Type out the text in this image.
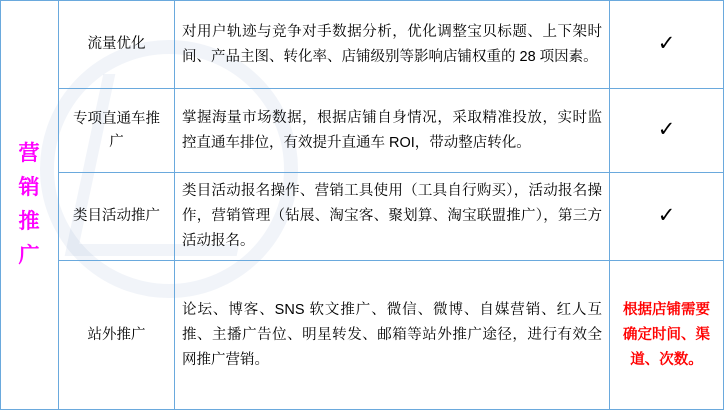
营销推广	流量优化	对用户轨迹与竞争对手数据分析，优化调整宝贝标题、上下架时间、产品主图、转化率、店铺级别等影响店铺权重的 28 项因素。	✓

	专项直通车推广	掌握海量市场数据，根据店铺自身情况，采取精准投放，实时监控直通车排位，有效提升直通车 ROI，带动整店转化。	✓

	类目活动推广	类目活动报名操作、营销工具使用（工具自行购买），活动报名操作，营销管理（钻展、淘宝客、聚划算、淘宝联盟推广），第三方活动报名。	✓

	站外推广	论坛、博客、SNS 软文推广、微信、微博、自媒营销、红人互推、主播广告位、明星转发、邮箱等站外推广途径，进行有效全网推广营销。	根据店铺需要确定时间、渠道、次数。
